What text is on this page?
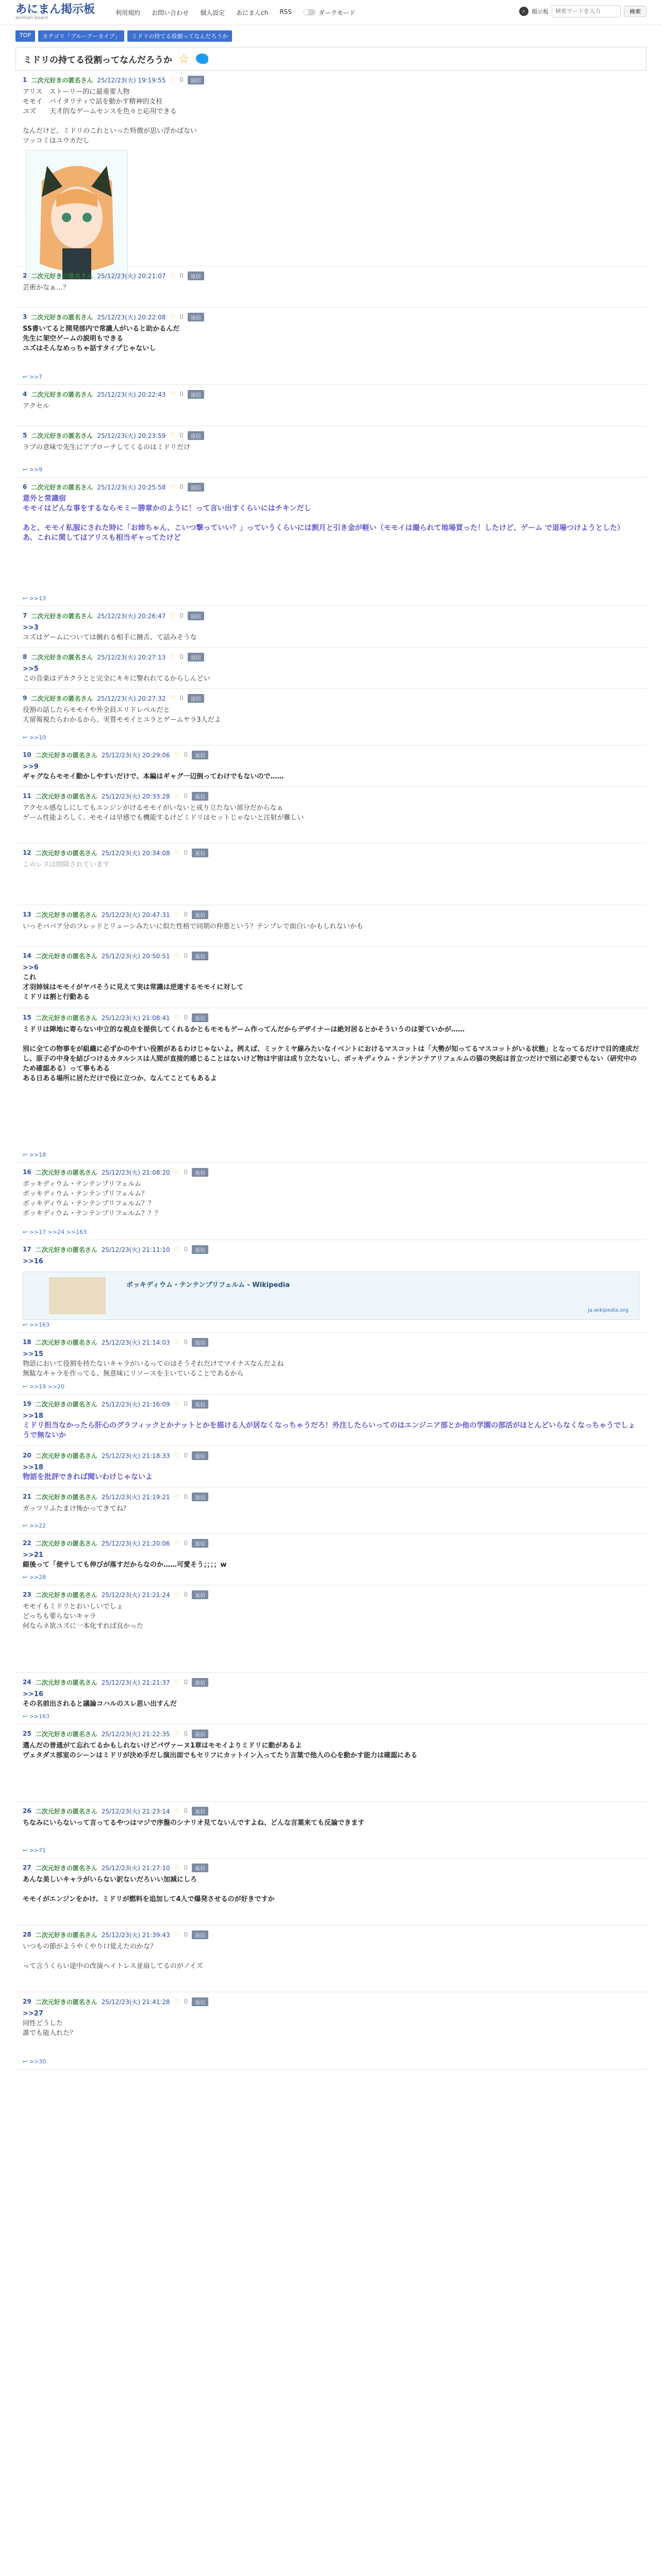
あにまん掲示板
animan board
利用規約 お問い合わせ 個人設定 あにまんch RSS	ダークモード	⌕	掲示板
検索ワードを入力	検索
TOP	カテゴリ「ブルーアーカイブ」	ミドリの持てる役割ってなんだろうか
ミドリの持てる役割ってなんだろうか ☆
1 二次元好きの匿名さん 25/12/23(火) 19:19:55 ♡ 0	返信
アリス　ストーリー的に最重要人物
モモイ　バイタリティで話を動かす精神的支柱
ユズ　　天才的なゲームセンスを色々と応用できる

なんだけど、ミドリのこれといった特徴が思い浮かばない
ツッコミはユウカだし
2 二次元好きの匿名さん 25/12/23(火) 20:21:07 ♡ 0	返信
芸術かなぁ…？
3 二次元好きの匿名さん 25/12/23(火) 20:22:08 ♡ 0	返信
SS書いてると開発部内で常識人がいると助かるんだ
先生に架空ゲームの説明もできる
ユズはそんなめっちゃ話すタイプじゃないし
↩ >>7
4 二次元好きの匿名さん 25/12/23(火) 20:22:43 ♡ 0	返信
アクセル
5 二次元好きの匿名さん 25/12/23(火) 20:23:59 ♡ 0	返信
ラブの意味で先生にアプローチしてくるのはミドリだけ
↩ >>9
6 二次元好きの匿名さん 25/12/23(火) 20:25:58 ♡ 0	返信
意外と常識宿
モモイはどんな事をするならモミー勝章かのように！って言い出すくらいにはチキンだし

あと、モモイ私服にされた時に「お姉ちゃん、こいつ撃っていい？」っていうくらいには割月と引き金が軽い（モモイは撮られて地場買った！したけど、ゲーム で退場つけようとした）
あ、これに関してはアリスも相当ギャってたけど
↩ >>13
7 二次元好きの匿名さん 25/12/23(火) 20:26:47 ♡ 0	返信
>>3
ユズはゲームについては饒れる相手に饒舌、て話みそうな
8 二次元好きの匿名さん 25/12/23(火) 20:27:13 ♡ 0	返信
>>5
この音楽はデカクラとと完全にキキに警れれてるからしんどい
9 二次元好きの匿名さん 25/12/23(火) 20:27:32 ♡ 0	返信
役割の話したらモモイや外全員エリドレベルだと
大留報視たらわかるから、実質モモイとユラとゲームヤラ3人だよ
↩ >>10
10 二次元好きの匿名さん 25/12/23(火) 20:29:06 ♡ 0	返信
>>9
ギャグならモモイ動かしやすいだけで、本編はギャグ一辺倒ってわけでもないので……
11 二次元好きの匿名さん 25/12/23(火) 20:33:28 ♡ 0	返信
アクセル感なしにしてもエンジンがけるモモイがいないと成り立たない部分だからなぁ
ゲーム性能よろしく、モモイは早感でも機能するけどミドリはセットじゃないと注射が難しい
12 二次元好きの匿名さん 25/12/23(火) 20:34:08 ♡ 0	返信
このレスは削除されています
13 二次元好きの匿名さん 25/12/23(火) 20:47:31 ♡ 0	返信
いっそババア分のフレッドとリューシみたいに似た性格で同期の仲悪という？テンプレで面白いかもしれないかも
14 二次元好きの匿名さん 25/12/23(火) 20:50:51 ♡ 0	返信
>>6
これ
才羽姉妹はモモイがヤバそうに見えて実は常識は逆連するモモイに対して
ミドリは割と行動ある
15 二次元好きの匿名さん 25/12/23(火) 21:08:41 ♡ 0	返信
ミドリは陣地に寄らない中立的な視点を提供してくれるかともモモもゲーム作ってんだからデザイナーは絶対居るとかそういうのは要ていかが……

別に全ての物事をが組織に必ずかのやすい役割があるわけじゃないよ。例えば、ミッケミヤ線みたいなイベントにおけるマスコットは「大勢が知ってるマスコットがいる状態」となってるだけで目的達成だし、原子の中身を結びつけるカタルシスは人間が直接的感じることはないけど物は宇宙は成り立たないし、ボッキディウム・テンテンテアリフェルムの猫の突起は首立つだけで別に必要でもない（研究中のため確認ある）って事もある
ある日ある場所に居ただけで役に立つか、なんてことてもあるよ
↩ >>18
16 二次元好きの匿名さん 25/12/23(火) 21:08:20 ♡ 0	返信
ボッキディウム・テンテンプリフェルム
ボッキディウム・テンテンプリフェルム？
ボッキディウム・テンテンプリフェルム？？
ボッキディウム・テンテンプリフェルム？？？
↩ >>17 >>24 >>163
17 二次元好きの匿名さん 25/12/23(火) 21:11:10 ♡ 0	返信
>>16
ボッキディウム・テンテンプリフェルム - Wikipedia
ja.wikipedia.org
↩ >>163
18 二次元好きの匿名さん 25/12/23(火) 21:14:03 ♡ 0	返信
>>15
物語において役割を持たないキャラがいるってのはそうそれだけでマイナスなんだよね
無駄なキャラを作ってる、無意味にリソースを主いていることであるから
↩ >>19 >>20
19 二次元好きの匿名さん 25/12/23(火) 21:16:09 ♡ 0	返信
>>18
ミドリ担当なかったら肝心のグラフィックとかナットとかを描ける人が居なくなっちゃうだろ！外注したらいってのはエンジニア部とか他の学園の部活がほとんどいらなくなっちゃうでしょうで無ないか
20 二次元好きの匿名さん 25/12/23(火) 21:18:33 ♡ 0	返信
>>18
物語を批評できれば聞いわけじゃないよ
21 二次元好きの匿名さん 25/12/23(火) 21:19:21 ♡ 0	返信
ガッツリふたまけ怖かってきてね？
↩ >>22
22 二次元好きの匿名さん 25/12/23(火) 21:20:06 ♡ 0	返信
>>21
綴後って「便サしても伸びが落すだからなのか……可愛そう；；；；w
↩ >>28
23 二次元好きの匿名さん 25/12/23(火) 21:21:24 ♡ 0	返信
モモイもミドリとおいしいでしょ
どっちも要らないキャラ
何ならネ欲ユズに一本化すれば良かった
24 二次元好きの匿名さん 25/12/23(火) 21:21:37 ♡ 0	返信
>>16
その名前出されると議論コハルのスレ思い出すんだ
↩ >>163
25 二次元好きの匿名さん 25/12/23(火) 21:22:35 ♡ 0	返信
選んだの普通がて忘れてるかもしれないけどパヴァーヌ1章はモモイよりミドリに動があるよ
ヴェタダス部室のシーンはミドリが決め手だし演出面でもセリフにカットイン入ってたり言葉で他人の心を動かす能力は確認にある
26 二次元好きの匿名さん 25/12/23(火) 21:23:14 ♡ 0	返信
ちなみにいらないって言ってるやつはマジで序盤のシナリオ見てないんですよね、どんな言葉来ても反論できます
↩ >>71
27 二次元好きの匿名さん 25/12/23(火) 21:27:10 ♡ 0	返信
あんな美しいキャラがいらない訳ないだろいい加減にしろ

モモイがエンジンをかけ、ミドリが燃料を追加して4人で爆発させるのが好きですか
28 二次元好きの匿名さん 25/12/23(火) 21:39:43 ♡ 0	返信
いつもの節がようやくやり口覚えたのかな？

って言うくらい途中の改演ヘイトレス並扇してるのがノイズ
29 二次元好きの匿名さん 25/12/23(火) 21:41:28 ♡ 0	返信
>>27
同性どうした
誰でも能入れた？
↩ >>30
